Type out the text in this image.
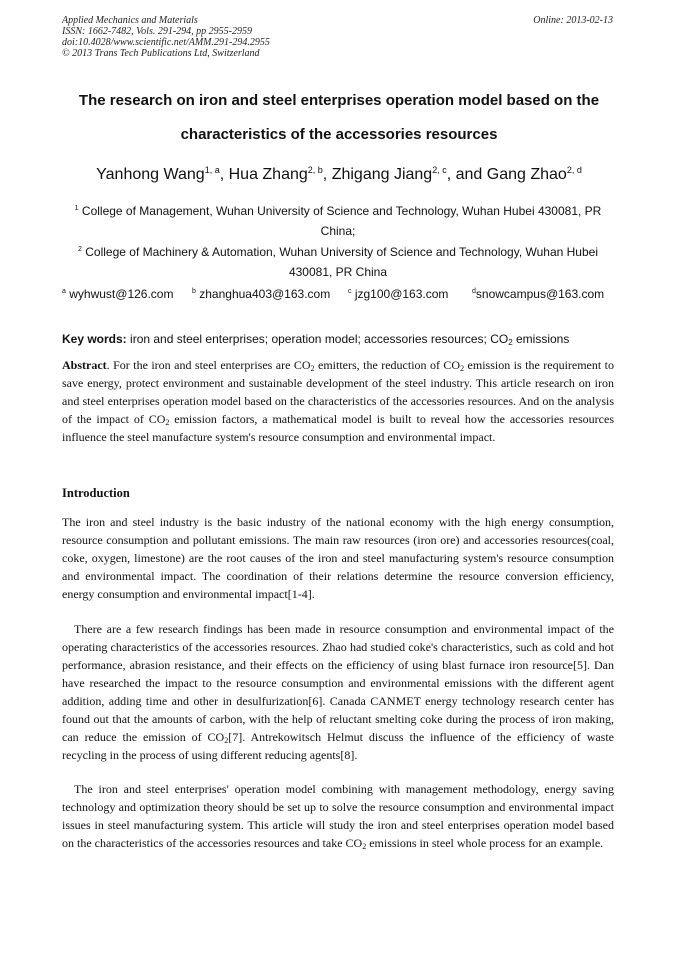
Applied Mechanics and Materials
ISSN: 1662-7482, Vols. 291-294, pp 2955-2959
doi:10.4028/www.scientific.net/AMM.291-294.2955
© 2013 Trans Tech Publications Ltd, Switzerland
Online: 2013-02-13
The research on iron and steel enterprises operation model based on the
characteristics of the accessories resources
Yanhong Wang$^{1, a}$, Hua Zhang$^{2, b}$, Zhigang Jiang$^{2, c}$, and Gang Zhao$^{2, d}$
$^1$ College of Management, Wuhan University of Science and Technology, Wuhan Hubei 430081, PR China;
$^2$ College of Machinery & Automation, Wuhan University of Science and Technology, Wuhan Hubei 430081, PR China
$^a$ wyhwust@126.com	$^b$ zhanghua403@163.com	$^c$ jzg100@163.com	$^d$snowcampus@163.com
Key words: iron and steel enterprises; operation model; accessories resources; $CO_2$ emissions

Abstract. For the iron and steel enterprises are $CO_2$ emitters, the reduction of $CO_2$ emission is the requirement to save energy, protect environment and sustainable development of the steel industry. This article research on iron and steel enterprises operation model based on the characteristics of the accessories resources. And on the analysis of the impact of $CO_2$ emission factors, a mathematical model is built to reveal how the accessories resources influence the steel manufacture system's resource consumption and environmental impact.

Introduction

The iron and steel industry is the basic industry of the national economy with the high energy consumption, resource consumption and pollutant emissions. The main raw resources (iron ore) and accessories resources(coal, coke, oxygen, limestone) are the root causes of the iron and steel manufacturing system's resource consumption and environmental impact. The coordination of their relations determine the resource conversion efficiency, energy consumption and environmental impact[1-4].

There are a few research findings has been made in resource consumption and environmental impact of the operating characteristics of the accessories resources. Zhao had studied coke's characteristics, such as cold and hot performance, abrasion resistance, and their effects on the efficiency of using blast furnace iron resource[5]. Dan have researched the impact to the resource consumption and environmental emissions with the different agent addition, adding time and other in desulfurization[6]. Canada CANMET energy technology research center has found out that the amounts of carbon, with the help of reluctant smelting coke during the process of iron making, can reduce the emission of $CO_2[7]$. Antrekowitsch Helmut discuss the influence of the efficiency of waste recycling in the process of using different reducing agents[8].

The iron and steel enterprises' operation model combining with management methodology, energy saving technology and optimization theory should be set up to solve the resource consumption and environmental impact issues in steel manufacturing system. This article will study the iron and steel enterprises operation model based on the characteristics of the accessories resources and take $CO_2$ emissions in steel whole process for an example.
